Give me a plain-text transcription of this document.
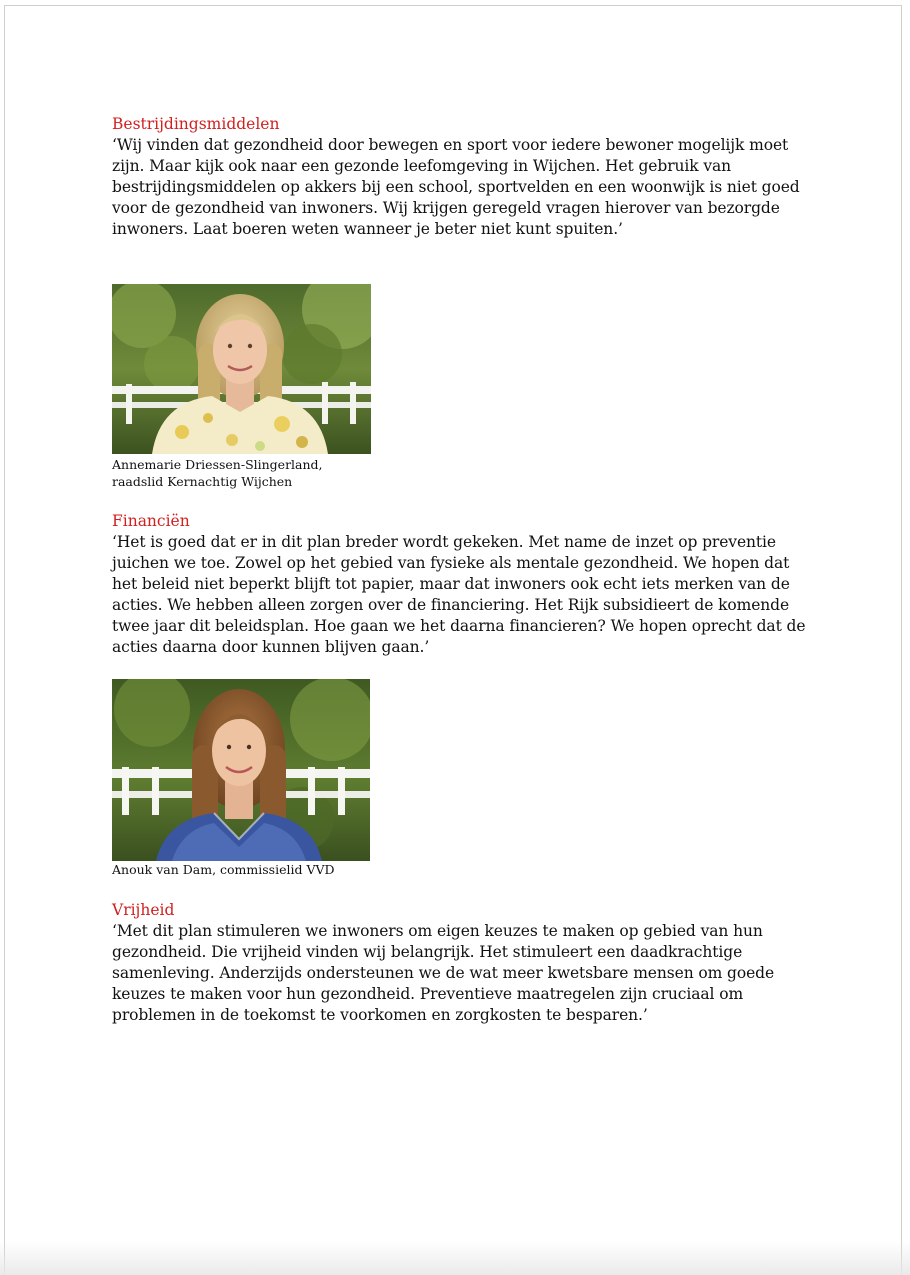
Bestrijdingsmiddelen

‘Wij vinden dat gezondheid door bewegen en sport voor iedere bewoner mogelijk moet

zijn. Maar kijk ook naar een gezonde leefomgeving in Wijchen. Het gebruik van

bestrijdingsmiddelen op akkers bij een school, sportvelden en een woonwijk is niet goed

voor de gezondheid van inwoners. Wij krijgen geregeld vragen hierover van bezorgde

inwoners. Laat boeren weten wanneer je beter niet kunt spuiten.’

Annemarie Driessen-Slingerland,

raadslid Kernachtig Wijchen

Financiën

‘Het is goed dat er in dit plan breder wordt gekeken. Met name de inzet op preventie

juichen we toe. Zowel op het gebied van fysieke als mentale gezondheid. We hopen dat

het beleid niet beperkt blijft tot papier, maar dat inwoners ook echt iets merken van de

acties. We hebben alleen zorgen over de financiering. Het Rijk subsidieert de komende

twee jaar dit beleidsplan. Hoe gaan we het daarna financieren? We hopen oprecht dat de

acties daarna door kunnen blijven gaan.’

Anouk van Dam, commissielid VVD

Vrijheid

‘Met dit plan stimuleren we inwoners om eigen keuzes te maken op gebied van hun

gezondheid. Die vrijheid vinden wij belangrijk. Het stimuleert een daadkrachtige

samenleving. Anderzijds ondersteunen we de wat meer kwetsbare mensen om goede

keuzes te maken voor hun gezondheid. Preventieve maatregelen zijn cruciaal om

problemen in de toekomst te voorkomen en zorgkosten te besparen.’
